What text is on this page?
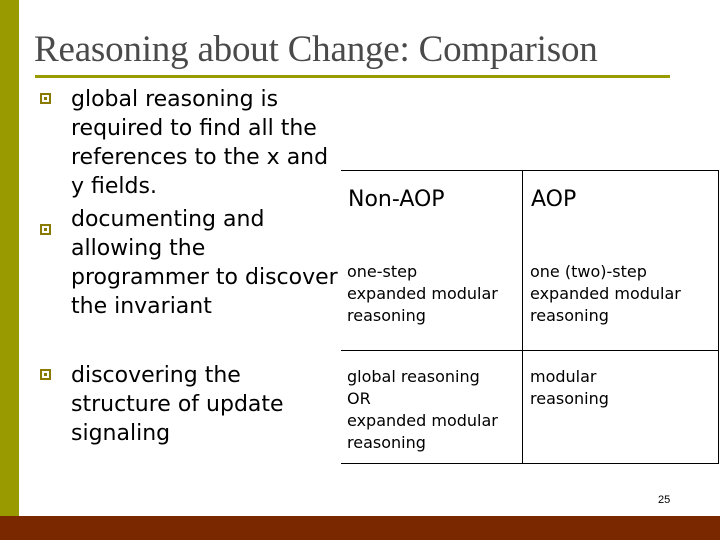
Reasoning about Change: Comparison

global reasoning is
required to find all the
references to the x and
y fields.

documenting and
allowing the
programmer to discover
the invariant

discovering the
structure of update
signaling

Non-AOP	AOP
one-step
expanded modular
reasoning
one (two)-step
expanded modular
reasoning
global reasoning
OR
expanded modular
reasoning
modular
reasoning
25
